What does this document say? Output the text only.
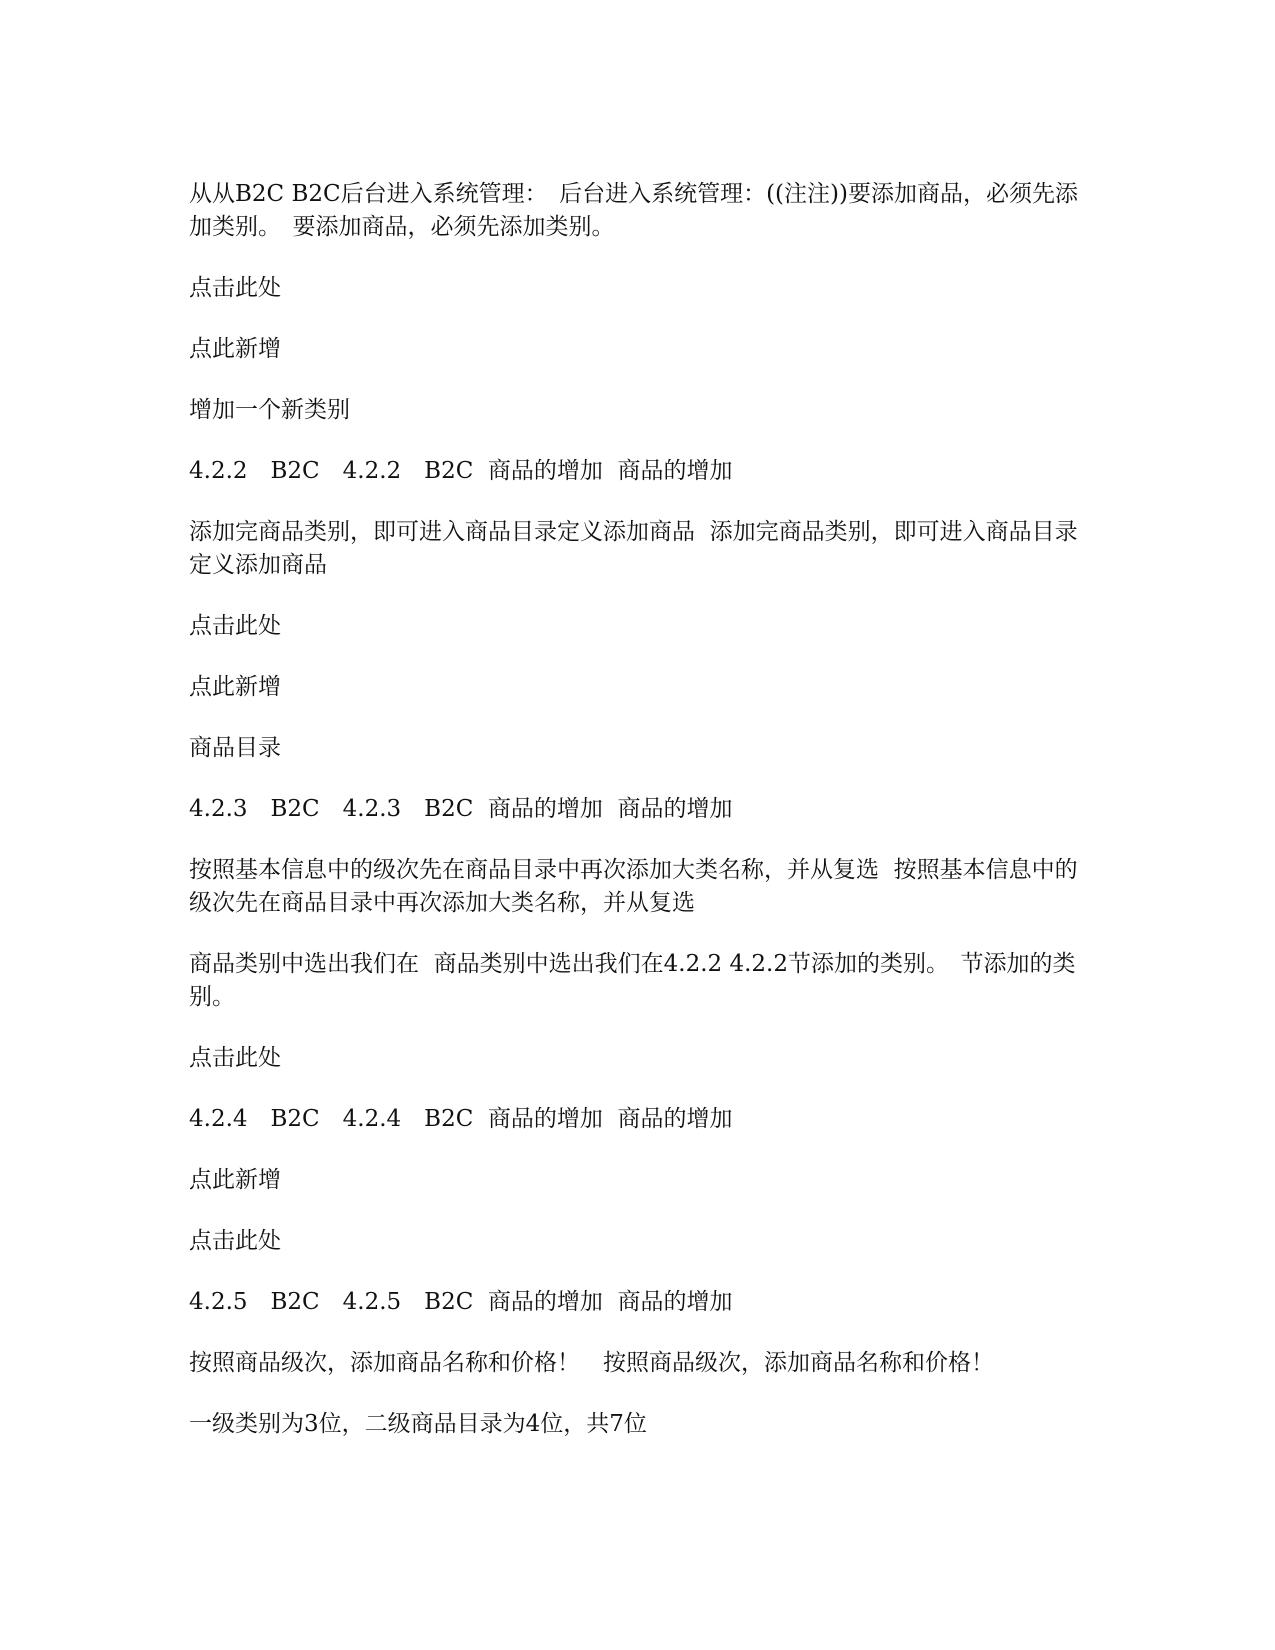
从从B2C B2C后台进入系统管理：　后台进入系统管理：((注注))要添加商品，必须先添加类别。　要添加商品，必须先添加类别。

点击此处

点此新增

增加一个新类别

4.2.2　B2C　4.2.2　B2C  商品的增加  商品的增加

添加完商品类别，即可进入商品目录定义添加商品  添加完商品类别，即可进入商品目录定义添加商品

点击此处

点此新增

商品目录

4.2.3　B2C　4.2.3　B2C  商品的增加  商品的增加

按照基本信息中的级次先在商品目录中再次添加大类名称，并从复选  按照基本信息中的级次先在商品目录中再次添加大类名称，并从复选

商品类别中选出我们在  商品类别中选出我们在4.2.2 4.2.2节添加的类别。　节添加的类别。

点击此处

4.2.4　B2C　4.2.4　B2C  商品的增加  商品的增加

点此新增

点击此处

4.2.5　B2C　4.2.5　B2C  商品的增加  商品的增加

按照商品级次，添加商品名称和价格！　按照商品级次，添加商品名称和价格！

一级类别为3位，二级商品目录为4位，共7位
